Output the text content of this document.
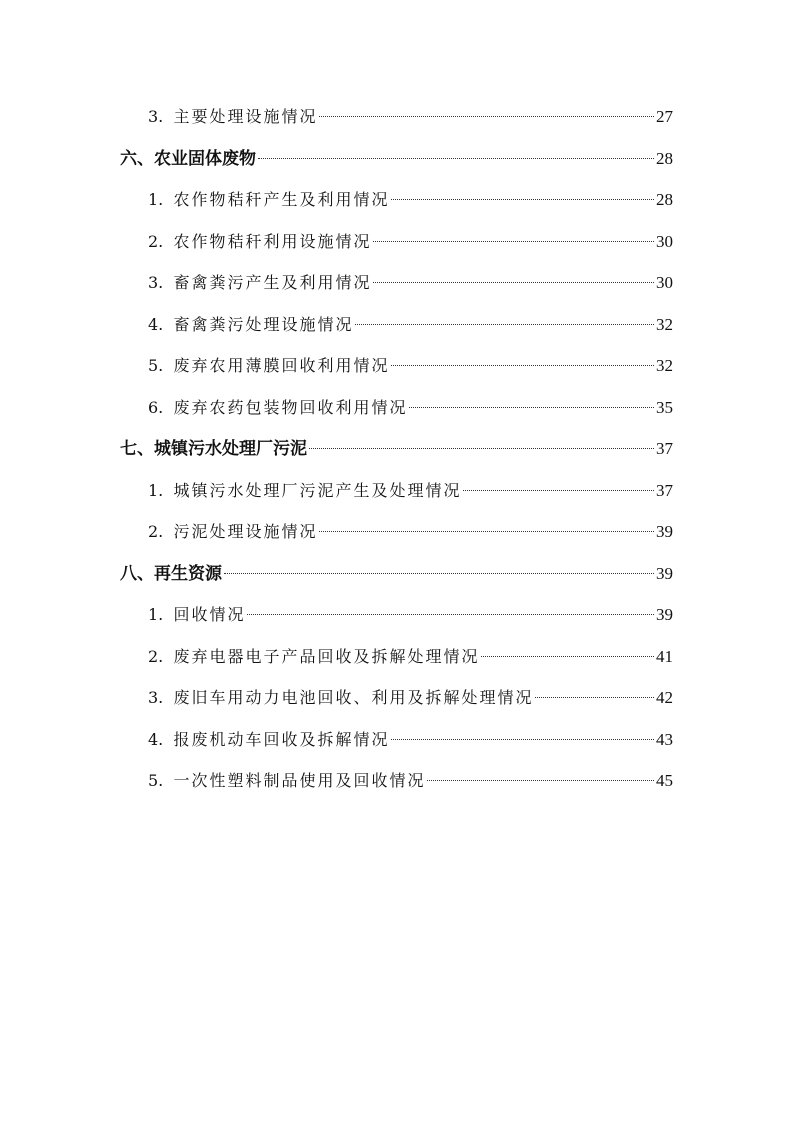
3. 主要处理设施情况	27
六、 农业固体废物	28
1. 农作物秸秆产生及利用情况	28
2. 农作物秸秆利用设施情况	30
3. 畜禽粪污产生及利用情况	30
4. 畜禽粪污处理设施情况	32
5. 废弃农用薄膜回收利用情况	32
6. 废弃农药包装物回收利用情况	35
七、 城镇污水处理厂污泥	37
1. 城镇污水处理厂污泥产生及处理情况	37
2. 污泥处理设施情况	39
八、 再生资源	39
1. 回收情况	39
2. 废弃电器电子产品回收及拆解处理情况	41
3. 废旧车用动力电池回收、利用及拆解处理情况	42
4. 报废机动车回收及拆解情况	43
5. 一次性塑料制品使用及回收情况	45
